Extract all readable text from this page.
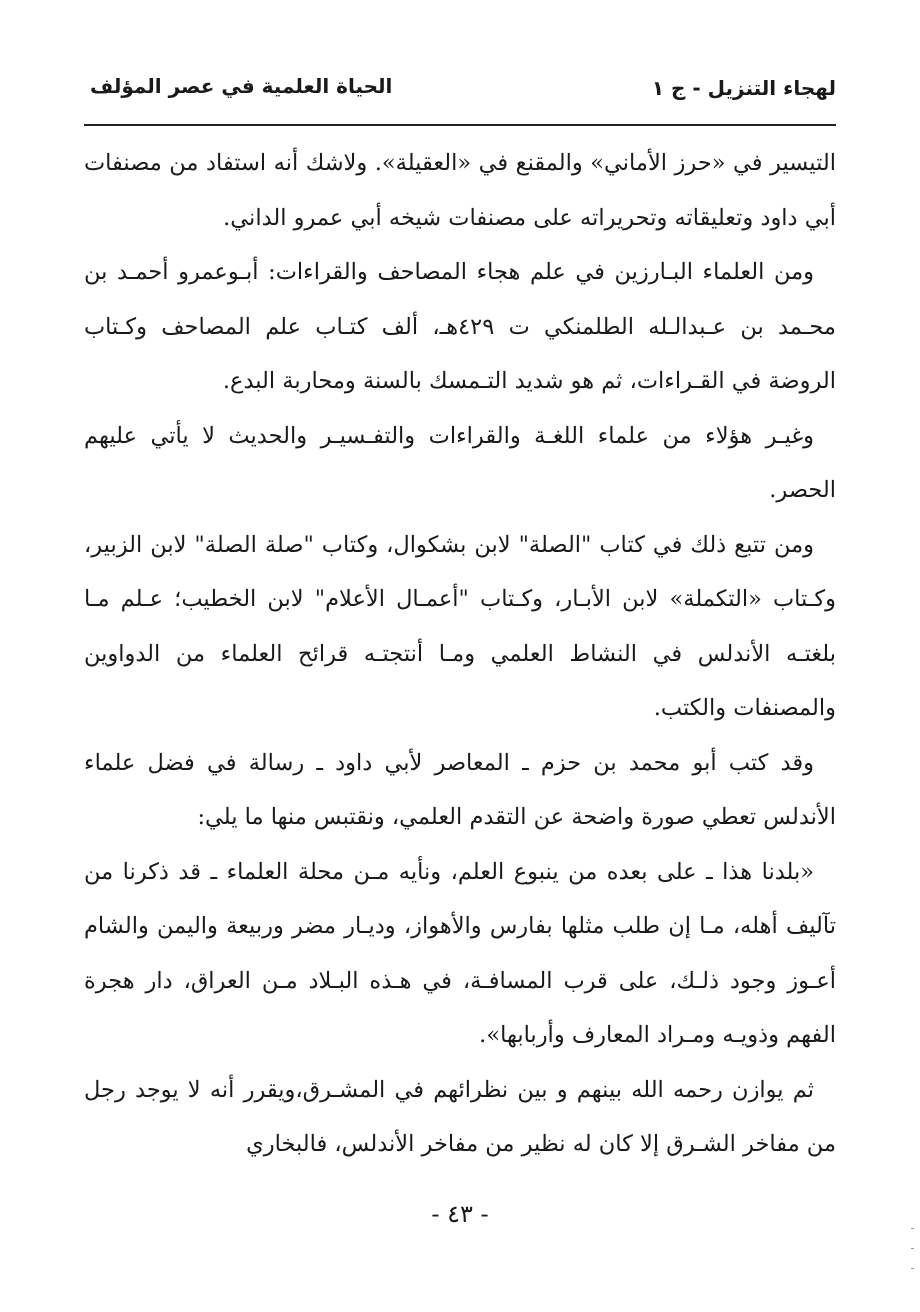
لهجاء التنزيل - ج ١
الحياة العلمية في عصر المؤلف

التيسير في «حرز الأماني» والمقنع في «العقيلة». ولاشك أنه استفاد من مصنفات أبي داود وتعليقاته وتحريراته على مصنفات شيخه أبي عمرو الداني.

ومن العلماء البـارزين في علم هجاء المصاحف والقراءات: أبـوعمرو أحمـد بن محـمد بن عـبدالـله الطلمنكي ت ٤٢٩هـ، ألف كتـاب علم المصاحف وكـتاب الروضة في القـراءات، ثم هو شديد التـمسك بالسنة ومحاربة البدع.

وغيـر هؤلاء من علماء اللغـة والقراءات والتفـسيـر والحديث لا يأتي عليهم الحصر.

ومن تتبع ذلك في كتاب "الصلة" لابن بشكوال، وكتاب "صلة الصلة" لابن الزبير، وكـتاب «التكملة» لابن الأبـار، وكـتاب "أعمـال الأعلام" لابن الخطيب؛ عـلم مـا بلغتـه الأندلس في النشاط العلمي ومـا أنتجتـه قرائح العلماء من الدواوين والمصنفات والكتب.

وقد كتب أبو محمد بن حزم ـ المعاصر لأبي داود ـ رسالة في فضل علماء الأندلس تعطي صورة واضحة عن التقدم العلمي، ونقتبس منها ما يلي:

«بلدنا هذا ـ على بعده من ينبوع العلم، ونأيه مـن محلة العلماء ـ قد ذكرنا من تآليف أهله، مـا إن طلب مثلها بفارس والأهواز، وديـار مضر وربيعة واليمن والشام أعـوز وجود ذلـك، على قرب المسافـة، في هـذه البـلاد مـن العراق، دار هجرة الفهم وذويـه ومـراد المعارف وأربابها».

ثم يوازن رحمه الله بينهم و بين نظرائهم في المشـرق،ويقرر أنه لا يوجد رجل من مفاخر الشـرق إلا كان له نظير من مفاخر الأندلس، فالبخاري

- ٤٣ -
